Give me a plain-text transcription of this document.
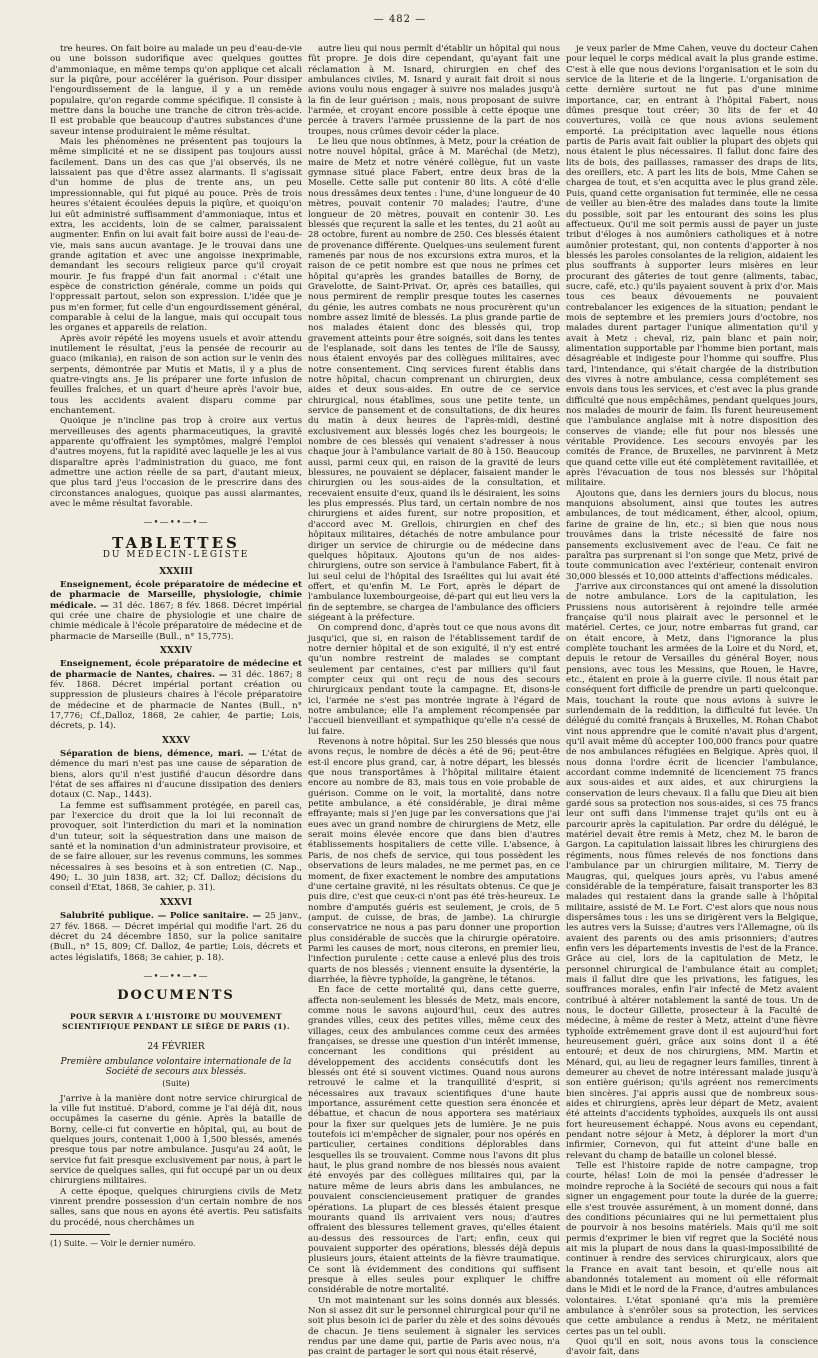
— 482 —

tre heures. On fait boire au malade un peu d'eau-de-vie ou une boisson sudorifique avec quelques gouttes d'ammoniaque, en même temps qu'on applique cet alcali sur la piqûre, pour accélérer la guérison. Pour dissiper l'engourdissement de la langue, il y a un remède populaire, qu'on regarde comme spécifique. Il consiste à mettre dans la bouche une tranche de citron très-acide. Il est probable que beaucoup d'autres substances d'une saveur intense produiraient le même résultat.

Mais les phénomènes ne présentent pas toujours la même simplicité et ne se dissipent pas toujours aussi facilement. Dans un des cas que j'ai observés, ils ne laissaient pas que d'être assez alarmants. Il s'agissait d'un homme de plus de trente ans, un peu impressionnable, qui fut piqué au pouce. Près de trois heures s'étaient écoulées depuis la piqûre, et quoiqu'on lui eût administré suffisamment d'ammoniaque, intus et extra, les accidents, loin de se calmer, paraissaient augmenter. Enfin on lui avait fait boire aussi de l'eau-de-vie, mais sans aucun avantage. Je le trouvai dans une grande agitation et avec une angoisse inexprimable, demandant les secours religieux parce qu'il croyait mourir. Je fus frappé d'un fait anormal : c'était une espèce de constriction générale, comme un poids qui l'oppressait partout, selon son expression. L'idée que je pus m'en former, fut celle d'un engourdissement général, comparable à celui de la langue, mais qui occupait tous les organes et appareils de relation.

Après avoir répété les moyens usuels et avoir attendu inutilement le résultat, j'eus la pensée de recourir au guaco (mikania), en raison de son action sur le venin des serpents, démontrée par Mutis et Matis, il y a plus de quatre-vingts ans. Je lis préparer une forte infusion de feuilles fraîches, et un quart d'heure après l'avoir bue, tous les accidents avaient disparu comme par enchantement.

Quoique je n'incline pas trop à croire aux vertus merveilleuses des agents pharmaceutiques, la gravité apparente qu'offraient les symptômes, malgré l'emploi d'autres moyens, fut la rapidité avec laquelle je les ai vus disparaître après l'administration du guaco, me font admettre une action réelle de sa part, d'autant mieux, que plus tard j'eus l'occasion de le prescrire dans des circonstances analogues, quoique pas aussi alarmantes, avec le même résultat favorable.

—•—••—•—
TABLETTES
DU MÉDECIN-LÉGISTE
XXXIII

Enseignement, école préparatoire de médecine et de pharmacie de Marseille, physiologie, chimie médicale. — 31 déc. 1867; 8 fév. 1868. Décret impérial qui crée une chaire de physiologie et une chaire de chimie médicale à l'école préparatoire de médecine et de pharmacie de Marseille (Bull., n° 15,775).

XXXIV

Enseignement, école préparatoire de médecine et de pharmacie de Nantes, chaires. — 31 déc. 1867; 8 fév. 1868. Décret impérial portant création ou suppression de plusieurs chaires à l'école préparatoire de médecine et de pharmacie de Nantes (Bull., n° 17,776; Cf.,Dalloz, 1868, 2e cahier, 4e partie; Lois, décrets, p. 14).

XXXV

Séparation de biens, démence, mari. — L'état de démence du mari n'est pas une cause de séparation de biens, alors qu'il n'est justifié d'aucun désordre dans l'état de ses affaires ni d'aucune dissipation des deniers dotaux (C. Nap., 1443).

La femme est suffisamment protégée, en pareil cas, par l'exercice du droit que la loi lui reconnaît de provoquer, soit l'interdiction du mari et la nomination d'un tuteur, soit la séquestration dans une maison de santé et la nomination d'un administrateur provisoire, et de se faire allouer, sur les revenus communs, les sommes nécessaires à ses besoins et à son entretien (C. Nap., 490; L. 30 juin 1838, art. 32; Cf. Dalloz; décisions du conseil d'Etat, 1868, 3e cahier, p. 31).

XXXVI

Salubrité publique. — Police sanitaire. — 25 janv., 27 fév. 1868. — Décret impérial qui modifie l'art. 26 du décret du 24 décembre 1850, sur la police sanitaire (Bull., n° 15, 809; Cf. Dalloz, 4e partie; Lois, décrets et actes législatifs, 1868; 3e cahier, p. 18).

—•—••—•—
DOCUMENTS
POUR SERVIR A L'HISTOIRE DU MOUVEMENT SCIENTIFIQUE PENDANT LE SIÈGE DE PARIS (1).
24 FÉVRIER
Première ambulance volontaire internationale de la Société de secours aux blessés.
(Suite)

J'arrive à la manière dont notre service chirurgical de la ville fut institué. D'abord, comme je l'ai déjà dit, nous occupâmes la caserne du génie. Après la bataille de Borny, celle-ci fut convertie en hôpital, qui, au bout de quelques jours, contenait 1,000 à 1,500 blessés, amenés presque tous par notre ambulance. Jusqu'au 24 août, le service fut fait presque exclusivement par nous, à part le service de quelques salles, qui fut occupé par un ou deux chirurgiens militaires.

A cette époque, quelques chirurgiens civils de Metz vinrent prendre possession d'un certain nombre de nos salles, sans que nous en ayons été avertis. Peu satisfaits du procédé, nous cherchâmes un

(1) Suite. — Voir le dernier numéro.

autre lieu qui nous permît d'établir un hôpital qui nous fût propre. Je dois dire cependant, qu'ayant fait une réclamation à M. Isnard, chirurgien en chef des ambulances civiles, M. Isnard y aurait fait droit si nous avions voulu nous engager à suivre nos malades jusqu'à la fin de leur guérison ; mais, nous proposant de suivre l'armée, et croyant encore possible à cette époque une percée à travers l'armée prussienne de la part de nos troupes, nous crûmes devoir céder la place.

Le lieu que nous obtînmes, à Metz, pour la création de notre nouvel hôpital, grâce à M. Maréchal (de Metz), maire de Metz et notre vénéré collègue, fut un vaste gymnase situé place Fabert, entre deux bras de la Moselle. Cette salle put contenir 80 lits. A côté d'elle nous dressâmes deux tentes : l'une, d'une longueur de 40 mètres, pouvait contenir 70 malades; l'autre, d'une longueur de 20 mètres, pouvait en contenir 30. Les blessés que reçurent la salle et les tentes, du 21 août au 28 octobre, furent au nombre de 250. Ces blessés étaient de provenance différente. Quelques-uns seulement furent ramenés par nous de nos excursions extra muros, et la raison de ce petit nombre est que nous ne prîmes cet hôpital qu'après les grandes batailles de Borny, de Gravelotte, de Saint-Privat. Or, après ces batailles, qui nous permirent de remplir presque toutes les casernes du génie, les autres combats ne nous procurèrent qu'un nombre assez limité de blessés. La plus grande partie de nos malades étaient donc des blessés qui, trop gravement atteints pour être soignés, soit dans les tentes de l'esplanade, soit dans les tentes de l'île de Saussy, nous étaient envoyés par des collègues militaires, avec notre consentement. Cinq services furent établis dans notre hôpital, chacun comprenant un chirurgien, deux aides et deux sous-aides. En outre de ce service chirurgical, nous établîmes, sous une petite tente, un service de pansement et de consultations, de dix heures du matin à deux heures de l'après-midi, destiné exclusivement aux blessés logés chez les bourgeois; le nombre de ces blessés qui venaient s'adresser à nous chaque jour à l'ambulance variait de 80 à 150. Beaucoup aussi, parmi ceux qui, en raison de la gravité de leurs blessures, ne pouvaient se déplacer, faisaient mander le chirurgien ou les sous-aides de la consultation, et recevaient ensuite d'eux, quand ils le désiraient, les soins les plus empressés. Plus tard, un certain nombre de nos chirurgiens et aides furent, sur notre proposition, et d'accord avec M. Grellois, chirurgien en chef des hôpitaux militaires, détachés de notre ambulance pour diriger un service de chirurgie ou de médecine dans quelques hôpitaux. Ajoutons qu'un de nos aides-chirurgiens, outre son service à l'ambulance Fabert, fit à lui seul celui de l'hôpital des Israélites qui lui avait été offert, et qu'enfin M. Le Fort, après le départ de l'ambulance luxembourgeoise, dé-part qui eut lieu vers la fin de septembre, se chargea de l'ambulance des officiers siégeant à la préfecture.

On comprend donc, d'après tout ce que nous avons dit jusqu'ici, que si, en raison de l'établissement tardif de notre dernier hôpital et de son exiguïté, il n'y est entré qu'un nombre restreint de malades se comptant seulement par centaines, c'est par milliers qu'il faut compter ceux qui ont reçu de nous des secours chirurgicaux pendant toute la campagne. Et, disons-le ici, l'armée ne s'est pas montrée ingrate à l'égard de notre ambulance; elle l'a amplement récompensée par l'accueil bienveillant et sympathique qu'elle n'a cessé de lui faire.

Revenons à notre hôpital. Sur les 250 blessés que nous avons reçus, le nombre de décès a été de 96; peut-être est-il encore plus grand, car, à notre départ, les blessés que nous transportâmes à l'hôpital militaire étaient encore au nombre de 83, mais tous en voie probable de guérison. Comme on le voit, la mortalité, dans notre petite ambulance, a été considérable, je dirai même effrayante; mais si j'en juge par les conversations que j'ai eues avec un grand nombre de chirurgiens de Metz, elle serait moins élevée encore que dans bien d'autres établissements hospitaliers de cette ville. L'absence, à Paris, de nos chefs de service, qui tous possèdent les observations de leurs malades, ne me permet pas, en ce moment, de fixer exactement le nombre des amputations d'une certaine gravité, ni les résultats obtenus. Ce que je puis dire, c'est que ceux-ci n'ont pas été très-heureux. Le nombre d'amputés guéris est seulement, je crois, de 5 (amput. de cuisse, de bras, de jambe). La chirurgie conservatrice ne nous a pas paru donner une proportion plus considérable de succès que la chirurgie opératoire. Parmi les causes de mort, nous citerons, en premier lieu, l'infection purulente : cette cause a enlevé plus des trois quarts de nos blessés ; viennent ensuite la dysentérie, la diarrhée, la fièvre typhoïde, la gangrène, le tétanos.

En face de cette mortalité qui, dans cette guerre, affecta non-seulement les blessés de Metz, mais encore, comme nous le savons aujourd'hui, ceux des autres grandes villes, ceux des petites villes, même ceux des villages, ceux des ambulances comme ceux des armées françaises, se dresse une question d'un intérêt immense, concernant les conditions qui président au développement des accidents consécutifs dont les blessés ont été si souvent victimes. Quand nous aurons retrouvé le calme et la tranquillité d'esprit, si nécessaires aux travaux scientifiques d'une haute importance, assurément cette question sera énoncée et débattue, et chacun de nous apportera ses matériaux pour la fixer sur quelques jets de lumière. Je ne puis toutefois ici m'empêcher de signaler, pour nos opérés en particulier, certaines conditions déplorables dans lesquelles ils se trouvaient. Comme nous l'avons dit plus haut, le plus grand nombre de nos blessés nous avaient été envoyés par des collègues militaires qui, par la nature même de leurs abris dans les ambulances, ne pouvaient consciencieusement pratiquer de grandes opérations. La plupart de ces blessés étaient presque mourants quand ils arrivaient vers nous; d'autres offraient des blessures tellement graves, qu'elles étaient au-dessus des ressources de l'art; enfin, ceux qui pouvaient supporter des opérations, blessés déjà depuis plusieurs jours, étaient atteints de la fièvre traumatique. Ce sont là évidemment des conditions qui suffisent presque à elles seules pour expliquer le chiffre considérable de notre mortalité.

Un mot maintenant sur les soins donnés aux blessés. Non si assez dit sur le personnel chirurgical pour qu'il ne soit plus besoin ici de parler du zèle et des soins dévoués de chacun. Je tiens seulement à signaler les services rendus par une dame qui, partie de Paris avec nous, n'a pas craint de partager le sort qui nous était réservé,

je veux parler de Mme Cahen, veuve du docteur Cahen pour lequel le corps médical avait la plus grande estime. C'est à elle que nous devions l'organisation et le soin du service de la literie et de la lingerie. L'organisation de cette dernière surtout ne fut pas d'une minime importance, car, en entrant à l'hôpital Fabert, nous dûmes presque tout créer; 30 lits de fer et 40 couvertures, voilà ce que nous avions seulement emporté. La précipitation avec laquelle nous étions partis de Paris avait fait oublier la plupart des objets qui nous étaient le plus nécessaires. Il fallut donc faire des lits de bois, des paillasses, ramasser des draps de lits, des oreillers, etc. A part les lits de bois, Mme Cahen se chargea de tout, et s'en acquitta avec le plus grand zèle. Puis, quand cette organisation fut terminée, elle ne cessa de veiller au bien-être des malades dans toute la limite du possible, soit par les entourant des soins les plus affectueux. Qu'il me soit permis aussi de payer un juste tribut d'éloges à nos aumôniers catholiques et à notre aumônier protestant, qui, non contents d'apporter à nos blessés les paroles consolantes de la religion, aidaient les plus souffrants à supporter leurs misères en leur procurant des gâteries de tout genre (aliments, tabac, sucre, café, etc.) qu'ils payaient souvent à prix d'or. Mais tous ces beaux dévouements ne pouvaient contrebalancer les exigences de la situation; pendant le mois de septembre et les premiers jours d'octobre, nos malades durent partager l'unique alimentation qu'il y avait à Metz : cheval, riz, pain blanc et pain noir, alimentation supportable par l'homme bien portant, mais désagréable et indigeste pour l'homme qui souffre. Plus tard, l'intendance, qui s'était chargée de la distribution des vivres à notre ambulance, cessa complétement ses envois dans tous les services, et c'est avec la plus grande difficulté que nous empêchâmes, pendant quelques jours, nos malades de mourir de faim. Ils furent heureusement que l'ambulance anglaise mit à notre disposition des conserves de viande; elle fut pour nos blessés une véritable Providence. Les secours envoyés par les comités de France, de Bruxelles, ne parvinrent à Metz que quand cette ville eut été complètement ravitaillée, et après l'évacuation de tous nos blessés sur l'hôpital militaire.

Ajoutons que, dans les derniers jours du blocus, nous manquions absolument, ainsi que toutes les autres ambulances, de tout médicament, éther, alcool, opium, farine de graine de lin, etc.; si bien que nous nous trouvâmes dans la triste nécessité de faire nos pansements exclusivement avec de l'eau. Ce fait ne paraîtra pas surprenant si l'on songe que Metz, privé de toute communication avec l'extérieur, contenait environ 30,000 blessés et 10,000 atteints d'affections médicales.

J'arrive aux circonstances qui ont amené la dissolution de notre ambulance. Lors de la capitulation, les Prussiens nous autorisèrent à rejoindre telle armée française qu'il nous plairait avec le personnel et le matériel. Certes, ce jour, notre embarras fut grand, car on était encore, à Metz, dans l'ignorance la plus complète touchant les armées de la Loire et du Nord, et, depuis le retour de Versailles du général Boyer, nous pensions, avec tous les Messins, que Rouen, le Havre, etc., étaient en proie à la guerre civile. Il nous était par conséquent fort difficile de prendre un parti quelconque. Mais, touchant la route que nous avions à suivre le surlendemain de la reddition, la difficulté fut levée. Un délégué du comité français à Bruxelles, M. Rohan Chabot vint nous apprendre que le comité n'avait plus d'argent, qu'il avait même dû accepter 100,000 francs pour quatre de nos ambulances réfugiées en Belgique. Après quoi, il nous donna l'ordre écrit de licencier l'ambulance, accordant comme indemnité de licenciement 75 francs aux sous-aides et aux aides, et aux chirurgiens la conservation de leurs chevaux. Il a fallu que Dieu ait bien gardé sous sa protection nos sous-aides, si ces 75 francs leur ont suffi dans l'immense trajet qu'ils ont eu à parcourir après la capitulation. Par ordre du délégué, le matériel devait être remis à Metz, chez M. le baron de Gargon. La capitulation laissait libres les chirurgiens des régiments, nous fûmes relevés de nos fonctions dans l'ambulance par un chirurgien militaire, M. Tierry de Maugras, qui, quelques jours après, vu l'abus amené considérable de la température, faisait transporter les 83 malades qui restaient dans la grande salle à l'hôpital militaire, assisté de M. Le Fort. C'est alors que nous nous dispersâmes tous : les uns se dirigèrent vers la Belgique, les autres vers la Suisse; d'autres vers l'Allemagne, où ils avaient des parents ou des amis prisonniers; d'autres enfin vers les départements investis de l'est de la France. Grâce au ciel, lors de la capitulation de Metz, le personnel chirurgical de l'ambulance était au complet; mais il fallut dire que les privations, les fatigues, les souffrances morales, enfin l'air infecté de Metz avaient contribué à altérer notablement la santé de tous. Un de nous, le docteur Gillette, prosecteur à la Faculté de médecine, à même de rester à Metz, atteint d'une fièvre typhoïde extrêmement grave dont il est aujourd'hui fort heureusement guéri, grâce aux soins dont il a été entouré; et deux de nos chirurgiens, MM. Martin et Ménard, qui, au lieu de regagner leurs familles, tinrent à demeurer au chevet de notre intéressant malade jusqu'à son entière guérison; qu'ils agréent nos remerciments bien sincères. J'ai appris aussi que de nombreux sous-aides et chirurgiens, après leur départ de Metz, avaient été atteints d'accidents typhoïdes, auxquels ils ont aussi fort heureusement échappé. Nous avons eu cependant, pendant notre séjour à Metz, à déplorer la mort d'un infirmier, Cornevon, qui fut atteint d'une balle en relevant du champ de bataille un colonel blessé.

Telle est l'histoire rapide de notre campagne, trop courte, hélas! Loin de moi la pensée d'adresser le moindre reproche à la Société de secours qui nous a fait signer un engagement pour toute la durée de la guerre; elle s'est trouvée assurément, à un moment donné, dans des conditions pécuniaires qui ne lui permettaient plus de pourvoir à nos besoins matériels. Mais qu'il me soit permis d'exprimer le bien vif regret que la Société nous ait mis la plupart de nous dans la quasi-impossibilité de continuer à rendre des services chirurgicaux, alors que la France en avait tant besoin, et qu'elle nous ait abandonnés totalement au moment où elle réformait dans le Midi et le nord de la France, d'autres ambulances volontaires. L'état sponiané qu'a mis la première ambulance à s'enrôler sous sa protection, les services que cette ambulance a rendus à Metz, ne méritaient certes pas un tel oubli.

Quoi qu'il en soit, nous avons tous la conscience d'avoir fait, dans
